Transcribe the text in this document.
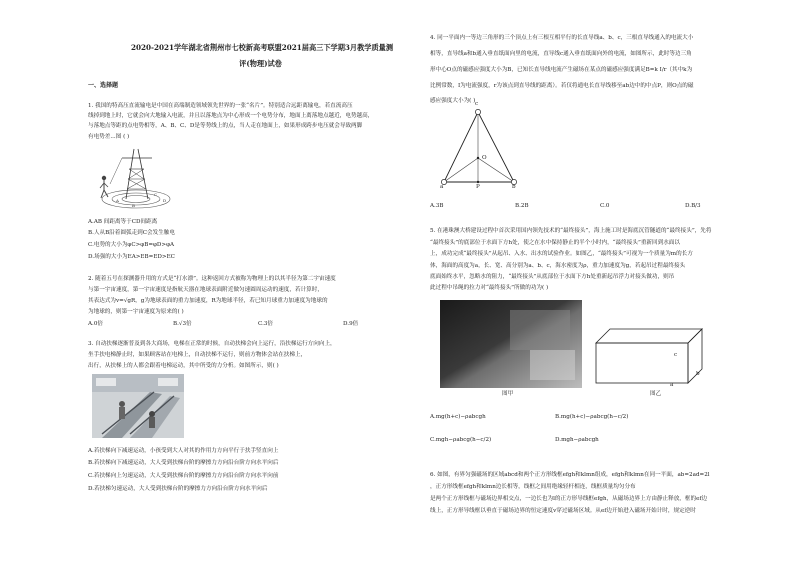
2020-2021学年湖北省荆州市七校新高考联盟2021届高三下学期3月教学质量测
评(物理)试卷
一、选择题
1. 我国的特高压直流输电是中国在高端制造领域领先世界的一张“名片”。特别适合远距离输电，若直流高压
线掉到地上时，它就会向大地输入电流，并且以落地点为中心形成一个电势分布，地面上离落地点越近，电势越高，
与落地点等距的点电势相等，A、B、C、D是等势线上的点，当人走在地面上，如果形成跨步电压就会导致两脚
有电势差...图 ( )
A
B
C
D
A.AB 间距离等于CD间距离
B.人从B沿着圆弧走到C会发生触电
C.电势的大小为φC>φB=φD>φA
D.场强的大小为EA>EB=ED>EC
2. 随着五号在探测器升用的方式是“打水漂”。这种返回方式被称为物理上的以其半径为第二宇宙速度
与第一宇宙速度，第一宇宙速度是指航天器在地球表面附近做匀速圆周运动的速度，若计算时，
其表达式为v=√gR，g为地球表面的重力加速度，R为地球半径，若已知月球重力加速度为地球的
为地球的，则第一宇宙速度为原来的( )
A.0倍	B.√3倍	C.3倍	D.9倍
3. 自动扶梯逐渐普及到各大商场，电梯在正常的时候，自动扶梯会向上运行，沿扶梯运行方向向上，
坐手扶电梯静止时，如果顾客站在电梯上，自动扶梯不运行，则前方物体会站在扶梯上，
出行，从扶梯上的人都会跟着电梯运动，其中所受的力分析。如图所示，则( )
A.若扶梯向下减速运动，小孩受到大人对其的作用力方向平行于扶手竖直向上
B.若扶梯向下减速运动，大人受到扶梯台阶的摩擦力方向沿台阶方向水平向后
C.若扶梯向上匀速运动，大人受到扶梯台阶的摩擦力方向沿台阶方向水平向前
D.若扶梯匀速运动，大人受到扶梯台阶的摩擦力方向沿台阶方向水平向后
4. 同一平面内一等边三角形的三个顶点上有三根互相平行的长直导线a、b、c，三根直导线通入的电流大小
相等，直导线a和b通入垂直纸面向里的电流，直导线c通入垂直纸面向外的电流，如图所示，此时等边三角
形中心O点的磁感应强度大小为B，已知长直导线电流产生磁场在某点的磁感应强度满足B=k I/r（其中k为
比例常数，I为电流强度，r为该点到直导线的距离）。若仅将通电长直导线移至ab边中的中点P，则O点的磁
感应强度大小为( ) c
O
a	P	b
A.3B	B.2B	C.0	D.B/3
5. 在港珠澳大桥建设过程中首次采用国内领先技术的“最终接头”，海上施工时是海底沉管隧道的“最终接头”，先将
“最终接头”的底部位于水面下方h处，使之在水中保持静止的半个小时内，“最终接头”重新回到水面以
上，成功完成“最终接头”从起吊、入水、出水的试验作业。如图乙，“最终接头”可视为一个质量为m的长方
体，海面的高度为a，长、宽、高分别为a、b、c，海水密度为ρ，重力加速度为g，若起吊过程最终接头
底面始终水平，忽略水的阻力，“最终接头”从底部位于水面下方h处重新起吊浮力对接头做功，则吊
此过程中吊绳的拉力对“最终接头”所做的功为( )
图甲
a
b
c
图乙
A.mg(h+c)−ρabcgh	B.mg(h+c)−ρabcg(h−c/2)
C.mgh−ρabcg(h−c/2)	D.mgh−ρabcgh
6. 如图，有界匀强磁场的区域abcd和两个正方形线框efgh和klmn组成，efgh和klmn在同一平面，ab=2ad=2l
，正方形线框efgh和klmn边长相等，线框之间用绝缘轻杆相连，线框质量均匀分布
是两个正方形线框与磁场边界相交点，一边长也为l的正方形导线框efgh，从磁场边界上方由静止释放，框的ef边
线上，正方形导线框以垂直于磁场边界的恒定速度v穿过磁场区域。从ef边开始进入磁场开始计时，规定逆时
